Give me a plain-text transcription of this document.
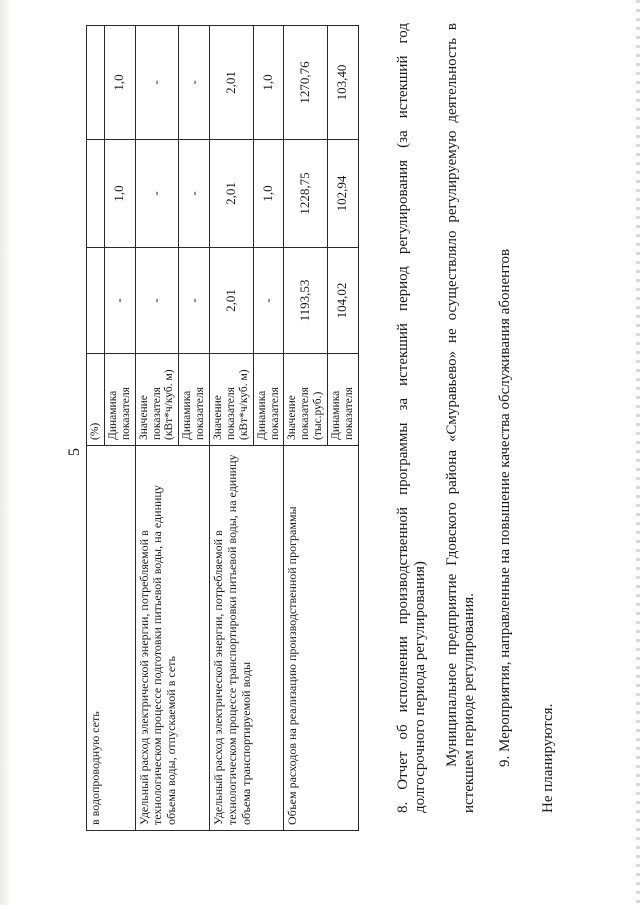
5
в водопроводную сеть	(%)			
	Динамика показателя	-	1,0	1,0
Удельный расход электрической энергии, потребляемой в технологическом процессе подготовки питьевой воды, на единицу объема воды, отпускаемой в сеть	Значение показателя (кВт*ч/куб. м)	-	-	-
	Динамика показателя	-	-	-
Удельный расход электрической энергии, потребляемой в технологическом процессе транспортировки питьевой воды, на единицу объема транспортируемой воды	Значение показателя (кВт*ч/куб. м)	2,01	2,01	2,01
	Динамика показателя	-	1,0	1,0
Объем расходов на реализацию производственной программы	Значение показателя (тыс.руб.)	1193,53	1228,75	1270,76
	Динамика показателя	104,02	102,94	103,40	8. Отчет об исполнении производственной программы за истекший период регулирования (за истекший год долгосрочного периода регулирования) Муниципальное предприятие Гдовского района «Смуравьево» не осуществляло регулируемую деятельность в истекшем периоде регулирования. 9. Мероприятия, направленные на повышение качества обслуживания абонентов Не планируются.
